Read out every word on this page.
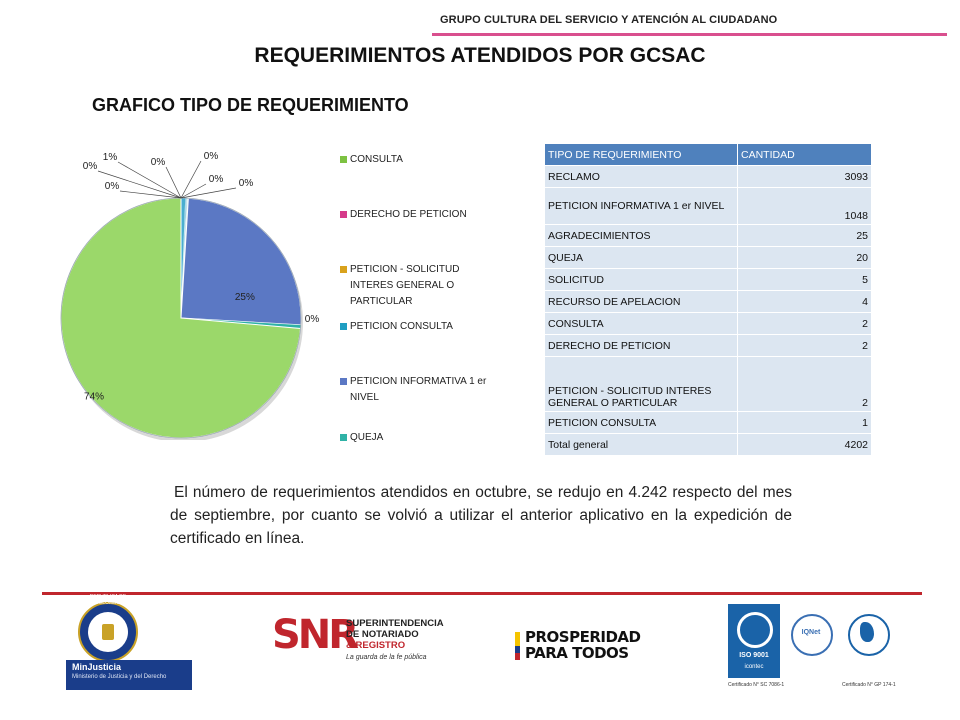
GRUPO CULTURA DEL SERVICIO Y ATENCIÓN AL CIUDADANO
REQUERIMIENTOS ATENDIDOS POR GCSAC
GRAFICO TIPO DE REQUERIMIENTO
74%
25%
0%
1%
0%
0%
0%
0%
0% 0%
CONSULTA
DERECHO DE PETICION
PETICION - SOLICITUD INTERES GENERAL O PARTICULAR
PETICION CONSULTA
PETICION INFORMATIVA 1 er NIVEL
QUEJA
TIPO DE REQUERIMIENTO	CANTIDAD
RECLAMO	3093
PETICION INFORMATIVA 1 er NIVEL	1048
AGRADECIMIENTOS	25
QUEJA	20
SOLICITUD	5
RECURSO DE APELACION	4
CONSULTA	2
DERECHO DE PETICION	2
PETICION - SOLICITUD INTERES GENERAL O PARTICULAR	2
PETICION CONSULTA	1
Total general	4202
El número de requerimientos atendidos en octubre, se redujo en 4.242 respecto del mes de septiembre, por cuanto se volvió a utilizar el anterior aplicativo en la expedición de certificado en línea.
REPUBLICA DE COLOMBIA
MinJusticia
Ministerio de Justicia y del Derecho
SNR
SUPERINTENDENCIA
DE NOTARIADO
& REGISTRO
La guarda de la fe pública
PROSPERIDAD
PARA TODOS	ISO 9001
icontec
IQNet
Certificado N° SC 7086-1	Certificado N° GP 174-1
